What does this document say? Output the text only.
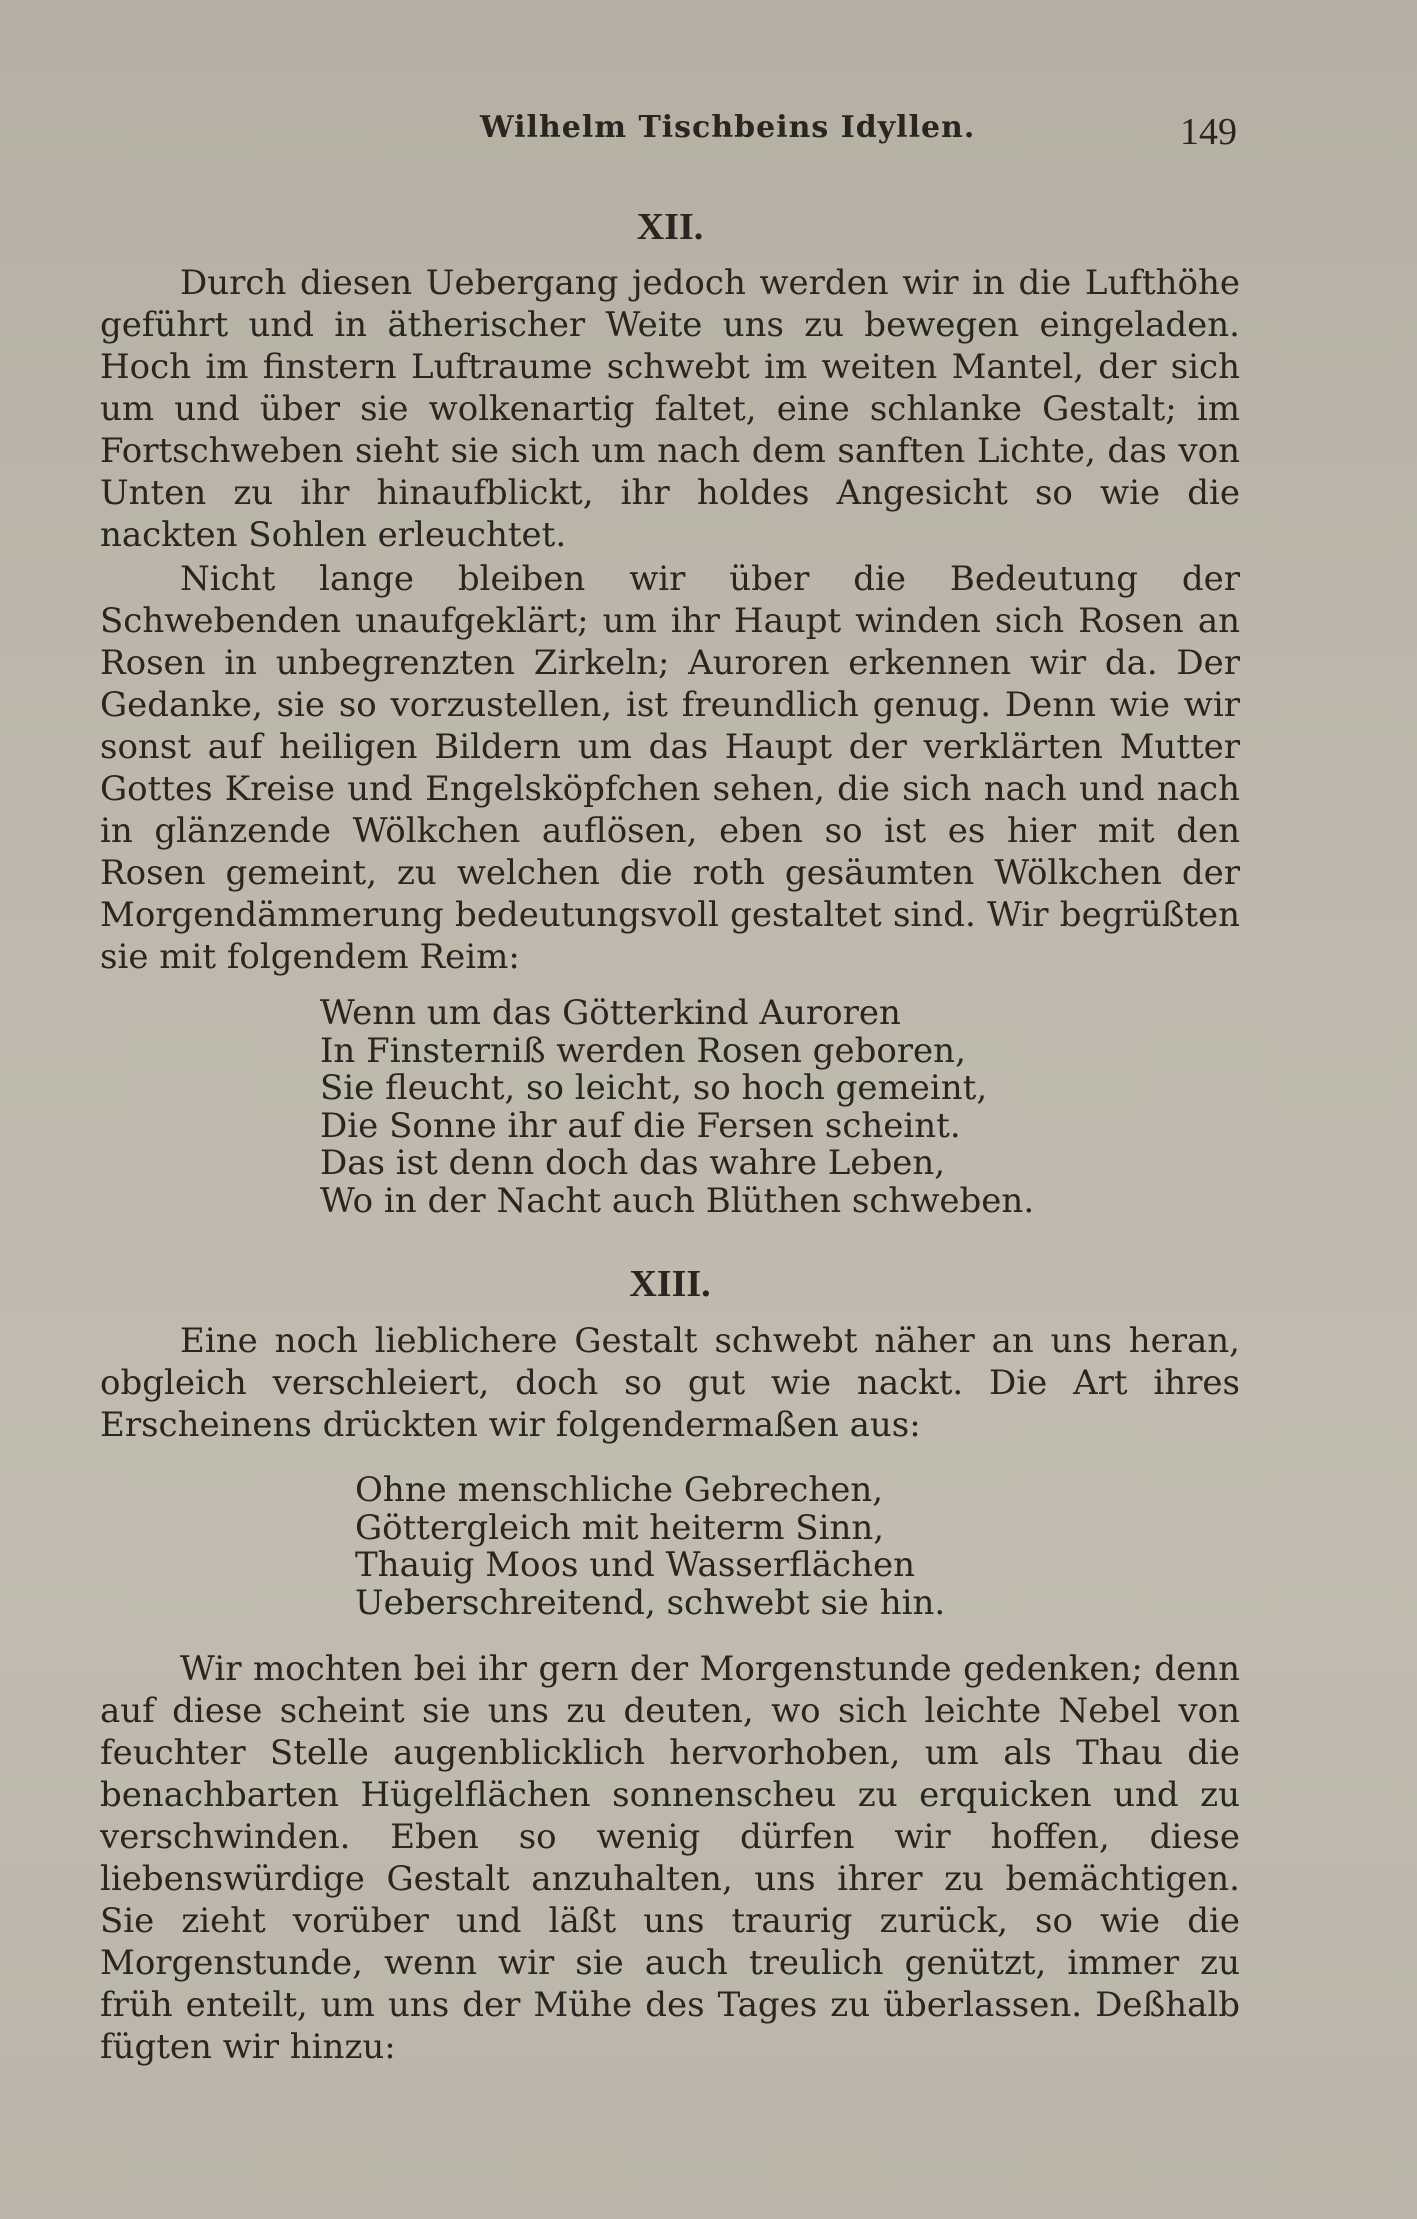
Wilhelm Tischbeins Idyllen.	149
XII.

Durch diesen Uebergang jedoch werden wir in die Lufthöhe geführt und in ätherischer Weite uns zu bewegen eingeladen. Hoch im finstern Luftraume schwebt im weiten Mantel, der sich um und über sie wolkenartig faltet, eine schlanke Gestalt; im Fortschweben sieht sie sich um nach dem sanften Lichte, das von Unten zu ihr hinaufblickt, ihr holdes Angesicht so wie die nackten Sohlen erleuchtet.

Nicht lange bleiben wir über die Bedeutung der Schwebenden unaufgeklärt; um ihr Haupt winden sich Rosen an Rosen in unbegrenzten Zirkeln; Auroren erkennen wir da. Der Gedanke, sie so vorzustellen, ist freundlich genug. Denn wie wir sonst auf heiligen Bildern um das Haupt der verklärten Mutter Gottes Kreise und Engelsköpfchen sehen, die sich nach und nach in glänzende Wölkchen auflösen, eben so ist es hier mit den Rosen gemeint, zu welchen die roth gesäumten Wölkchen der Morgendämmerung bedeutungsvoll gestaltet sind. Wir begrüßten sie mit folgendem Reim:

Wenn um das Götterkind Auroren
In Finsterniß werden Rosen geboren,
Sie fleucht, so leicht, so hoch gemeint,
Die Sonne ihr auf die Fersen scheint.
Das ist denn doch das wahre Leben,
Wo in der Nacht auch Blüthen schweben.
XIII.

Eine noch lieblichere Gestalt schwebt näher an uns heran, obgleich verschleiert, doch so gut wie nackt. Die Art ihres Erscheinens drückten wir folgendermaßen aus:

Ohne menschliche Gebrechen,
Göttergleich mit heiterm Sinn,
Thauig Moos und Wasserflächen
Ueberschreitend, schwebt sie hin.

Wir mochten bei ihr gern der Morgenstunde gedenken; denn auf diese scheint sie uns zu deuten, wo sich leichte Nebel von feuchter Stelle augenblicklich hervorhoben, um als Thau die benachbarten Hügelflächen sonnenscheu zu erquicken und zu verschwinden. Eben so wenig dürfen wir hoffen, diese liebenswürdige Gestalt anzuhalten, uns ihrer zu bemächtigen. Sie zieht vorüber und läßt uns traurig zurück, so wie die Morgenstunde, wenn wir sie auch treulich genützt, immer zu früh enteilt, um uns der Mühe des Tages zu überlassen. Deßhalb fügten wir hinzu:
